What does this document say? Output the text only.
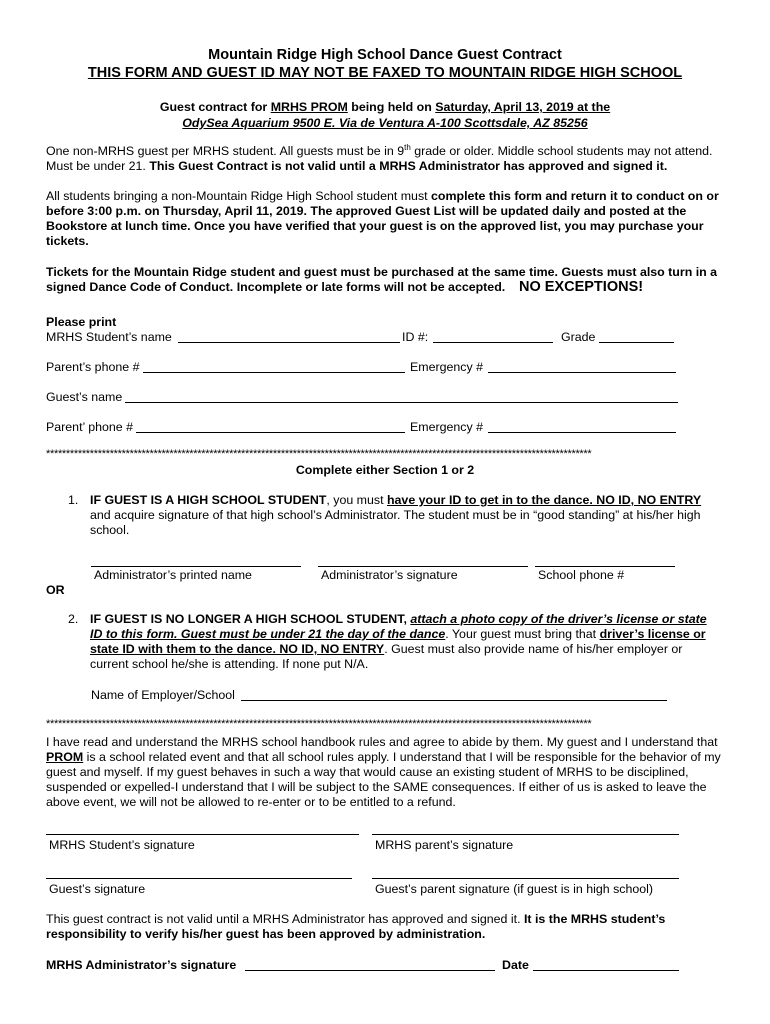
Mountain Ridge High School Dance Guest Contract
THIS FORM AND GUEST ID MAY NOT BE FAXED TO MOUNTAIN RIDGE HIGH SCHOOL
Guest contract for MRHS PROM being held on Saturday, April 13, 2019 at the
OdySea Aquarium 9500 E. Via de Ventura A-100 Scottsdale, AZ 85256
One non-MRHS guest per MRHS student. All guests must be in 9th grade or older. Middle school students may not attend. Must be under 21. This Guest Contract is not valid until a MRHS Administrator has approved and signed it.
All students bringing a non-Mountain Ridge High School student must complete this form and return it to conduct on or before 3:00 p.m. on Thursday, April 11, 2019. The approved Guest List will be updated daily and posted at the Bookstore at lunch time. Once you have verified that your guest is on the approved list, you may purchase your tickets.
Tickets for the Mountain Ridge student and guest must be purchased at the same time. Guests must also turn in a signed Dance Code of Conduct. Incomplete or late forms will not be accepted. NO EXCEPTIONS!
Please print
MRHS Student’s name	ID #:	Grade
Parent’s phone #	Emergency #
Guest’s name
Parent’ phone #	Emergency #
*****************************************************************************************************************************************
Complete either Section 1 or 2
1. IF GUEST IS A HIGH SCHOOL STUDENT, you must have your ID to get in to the dance. NO ID, NO ENTRY and acquire signature of that high school’s Administrator. The student must be in “good standing” at his/her high school.
Administrator’s printed name	Administrator’s signature	School phone #
OR
2. IF GUEST IS NO LONGER A HIGH SCHOOL STUDENT, attach a photo copy of the driver’s license or state ID to this form. Guest must be under 21 the day of the dance. Your guest must bring that driver’s license or state ID with them to the dance. NO ID, NO ENTRY. Guest must also provide name of his/her employer or current school he/she is attending. If none put N/A.
Name of Employer/School
*****************************************************************************************************************************************
I have read and understand the MRHS school handbook rules and agree to abide by them. My guest and I understand that PROM is a school related event and that all school rules apply. I understand that I will be responsible for the behavior of my guest and myself. If my guest behaves in such a way that would cause an existing student of MRHS to be disciplined, suspended or expelled-I understand that I will be subject to the SAME consequences. If either of us is asked to leave the above event, we will not be allowed to re-enter or to be entitled to a refund.
MRHS Student’s signature	MRHS parent’s signature
Guest’s signature	Guest’s parent signature (if guest is in high school)
This guest contract is not valid until a MRHS Administrator has approved and signed it. It is the MRHS student’s responsibility to verify his/her guest has been approved by administration.
MRHS Administrator’s signature	Date
